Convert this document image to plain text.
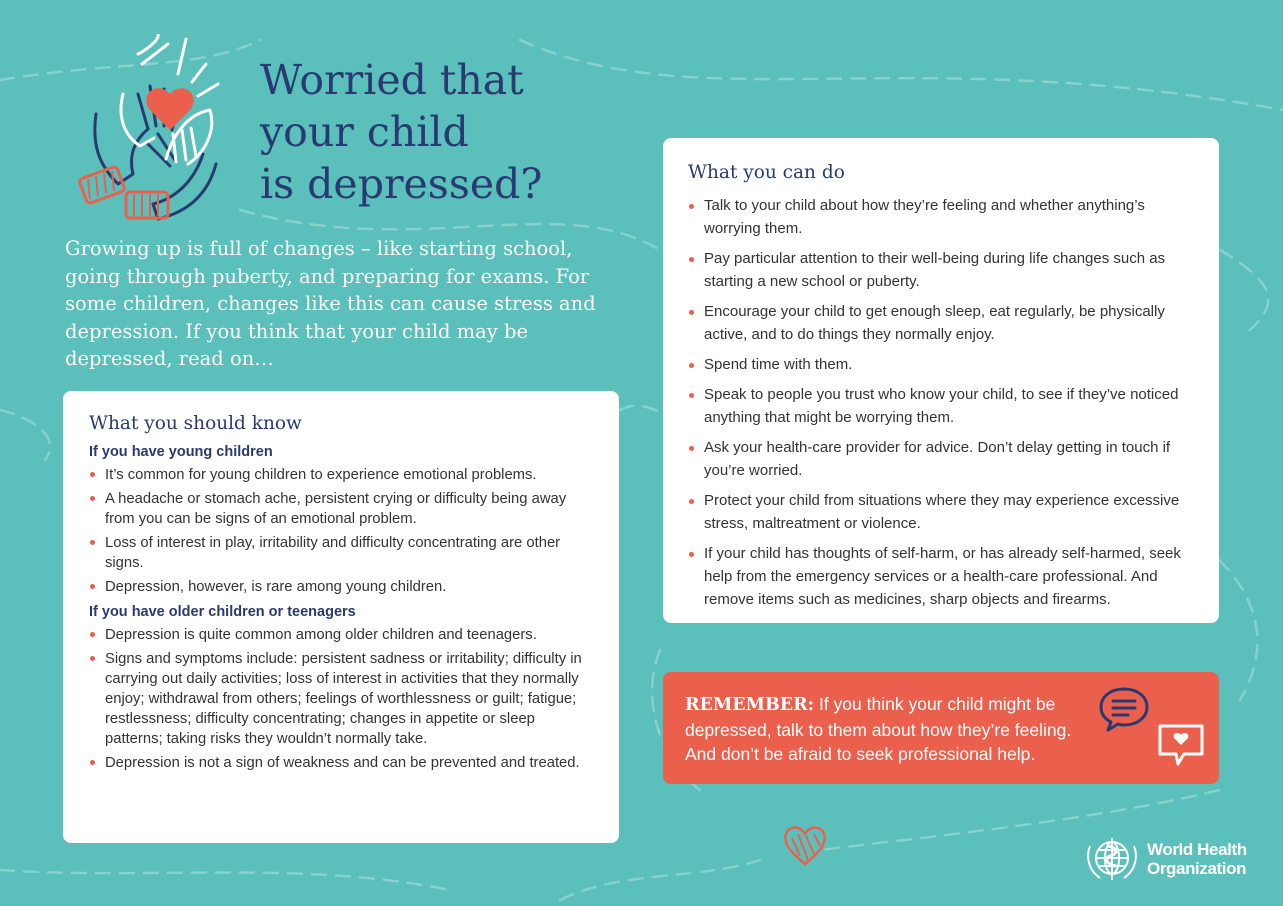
Worried that
your child
is depressed?

Growing up is full of changes – like starting school, going through puberty, and preparing for exams. For some children, changes like this can cause stress and depression. If you think that your child may be depressed, read on…

What you should know
If you have young children
It’s common for young children to experience emotional problems.
A headache or stomach ache, persistent crying or difficulty being away from you can be signs of an emotional problem.
Loss of interest in play, irritability and difficulty concentrating are other signs.
Depression, however, is rare among young children.
If you have older children or teenagers
Depression is quite common among older children and teenagers.
Signs and symptoms include: persistent sadness or irritability; difficulty in carrying out daily activities; loss of interest in activities that they normally enjoy; withdrawal from others; feelings of worthlessness or guilt; fatigue; restlessness; difficulty concentrating; changes in appetite or sleep patterns; taking risks they wouldn’t normally take.
Depression is not a sign of weakness and can be prevented and treated.
What you can do
Talk to your child about how they’re feeling and whether anything’s worrying them.
Pay particular attention to their well-being during life changes such as starting a new school or puberty.
Encourage your child to get enough sleep, eat regularly, be physically active, and to do things they normally enjoy.
Spend time with them.
Speak to people you trust who know your child, to see if they’ve noticed anything that might be worrying them.
Ask your health-care provider for advice. Don’t delay getting in touch if you’re worried.
Protect your child from situations where they may experience excessive stress, maltreatment or violence.
If your child has thoughts of self-harm, or has already self-harmed, seek help from the emergency services or a health-care professional. And remove items such as medicines, sharp objects and firearms.

REMEMBER: If you think your child might be depressed, talk to them about how they’re feeling. And don’t be afraid to seek professional help.

World Health
Organization
